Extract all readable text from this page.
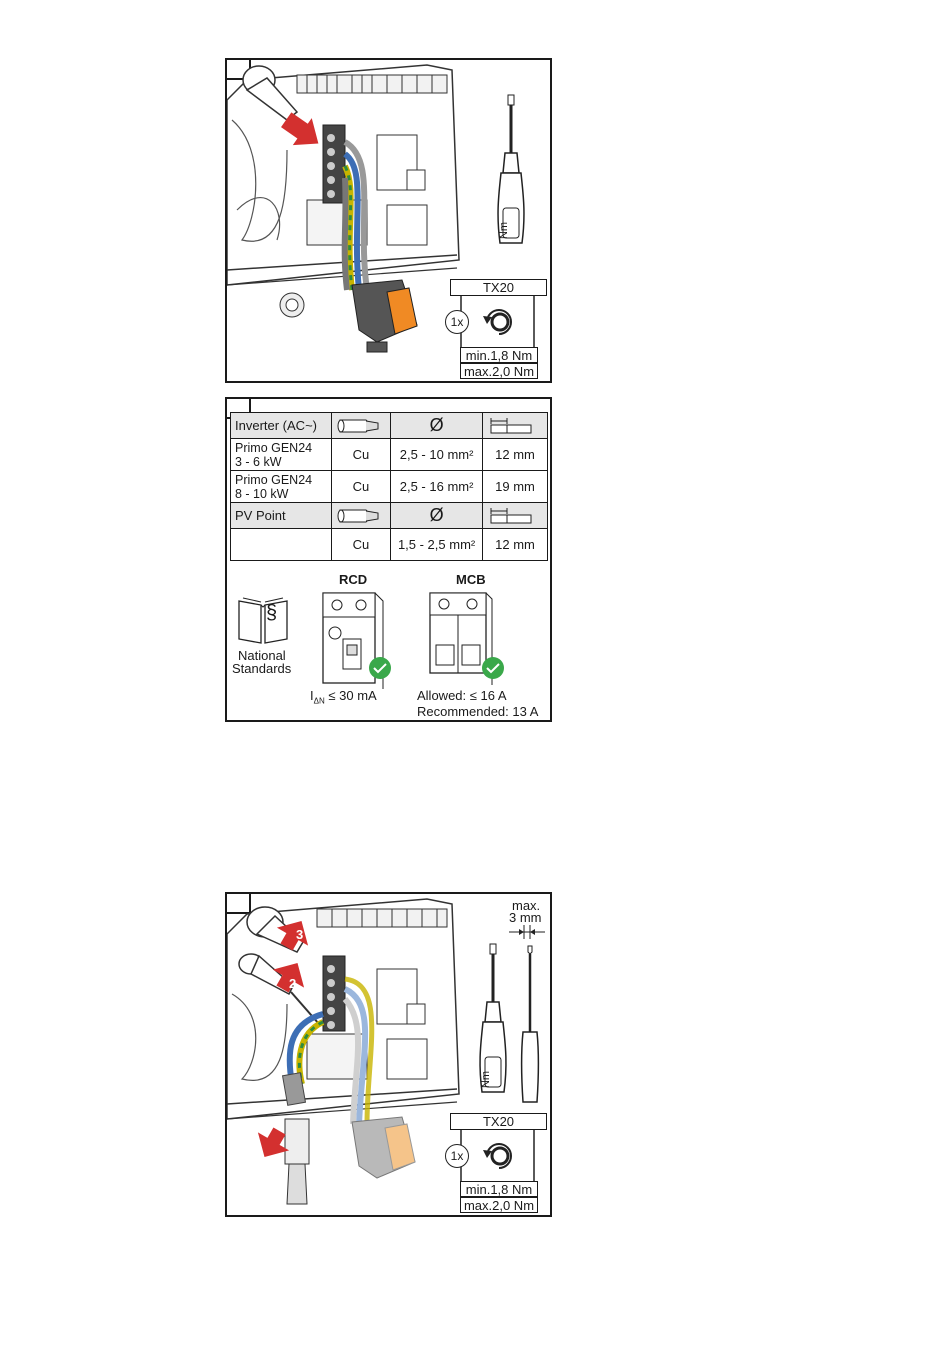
Nm
TX20
1x
min.1,8 Nm
max.2,0 Nm
Inverter (AC~)		Ø	

Primo GEN24
3 - 6 kW	Cu	2,5 - 10 mm²	12 mm

Primo GEN24
8 - 10 kW	Cu	2,5 - 16 mm²	19 mm
PV Point		Ø	

	Cu	1,5 - 2,5 mm²	12 mm
§
National
Standards
RCD
$I_{\Delta N} \le 30$ mA
MCB
Allowed: ≤ 16 A
Recommended: 13 A
1
2
3
max.
3 mm
Nm
TX20
1x
min.1,8 Nm
max.2,0 Nm
